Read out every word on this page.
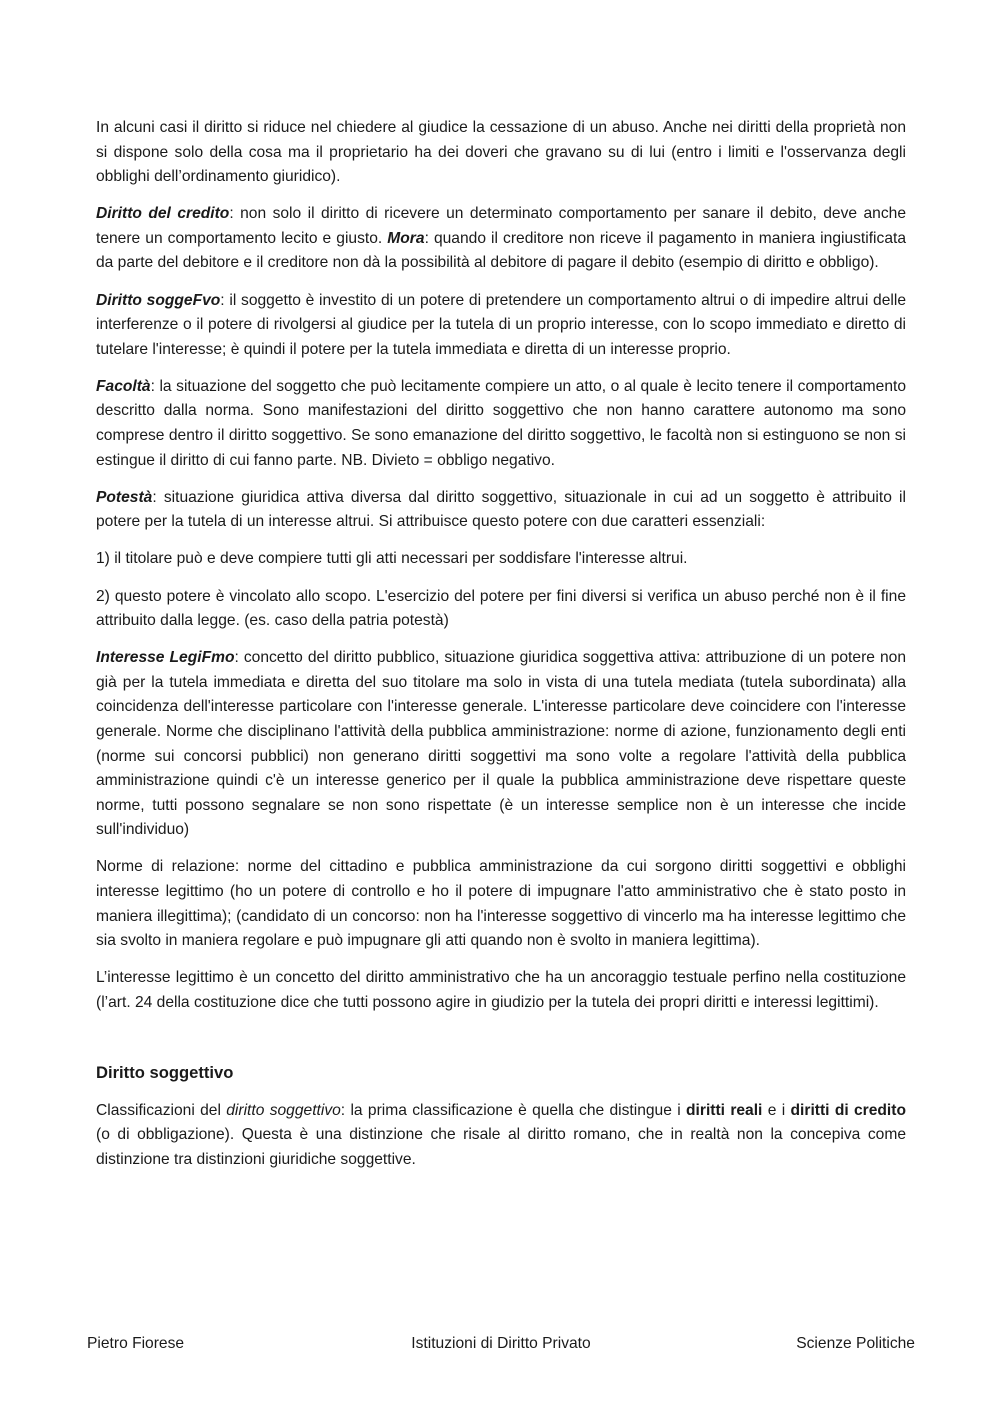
In alcuni casi il diritto si riduce nel chiedere al giudice la cessazione di un abuso. Anche nei diritti della proprietà non si dispone solo della cosa ma il proprietario ha dei doveri che gravano su di lui (entro i limiti e l'osservanza degli obblighi dell’ordinamento giuridico).

Diritto del credito: non solo il diritto di ricevere un determinato comportamento per sanare il debito, deve anche tenere un comportamento lecito e giusto. Mora: quando il creditore non riceve il pagamento in maniera ingiustificata da parte del debitore e il creditore non dà la possibilità al debitore di pagare il debito (esempio di diritto e obbligo).

Diritto soggeFvo: il soggetto è investito di un potere di pretendere un comportamento altrui o di impedire altrui delle interferenze o il potere di rivolgersi al giudice per la tutela di un proprio interesse, con lo scopo immediato e diretto di tutelare l'interesse; è quindi il potere per la tutela immediata e diretta di un interesse proprio.

Facoltà: la situazione del soggetto che può lecitamente compiere un atto, o al quale è lecito tenere il comportamento descritto dalla norma. Sono manifestazioni del diritto soggettivo che non hanno carattere autonomo ma sono comprese dentro il diritto soggettivo. Se sono emanazione del diritto soggettivo, le facoltà non si estinguono se non si estingue il diritto di cui fanno parte. NB. Divieto = obbligo negativo.

Potestà: situazione giuridica attiva diversa dal diritto soggettivo, situazionale in cui ad un soggetto è attribuito il potere per la tutela di un interesse altrui. Si attribuisce questo potere con due caratteri essenziali:

1) il titolare può e deve compiere tutti gli atti necessari per soddisfare l'interesse altrui.

2) questo potere è vincolato allo scopo. L'esercizio del potere per fini diversi si verifica un abuso perché non è il fine attribuito dalla legge. (es. caso della patria potestà)

Interesse LegiFmo: concetto del diritto pubblico, situazione giuridica soggettiva attiva: attribuzione di un potere non già per la tutela immediata e diretta del suo titolare ma solo in vista di una tutela mediata (tutela subordinata) alla coincidenza dell'interesse particolare con l'interesse generale. L'interesse particolare deve coincidere con l'interesse generale. Norme che disciplinano l'attività della pubblica amministrazione: norme di azione, funzionamento degli enti (norme sui concorsi pubblici) non generano diritti soggettivi ma sono volte a regolare l'attività della pubblica amministrazione quindi c'è un interesse generico per il quale la pubblica amministrazione deve rispettare queste norme, tutti possono segnalare se non sono rispettate (è un interesse semplice non è un interesse che incide sull'individuo)

Norme di relazione: norme del cittadino e pubblica amministrazione da cui sorgono diritti soggettivi e obblighi interesse legittimo (ho un potere di controllo e ho il potere di impugnare l'atto amministrativo che è stato posto in maniera illegittima); (candidato di un concorso: non ha l'interesse soggettivo di vincerlo ma ha interesse legittimo che sia svolto in maniera regolare e può impugnare gli atti quando non è svolto in maniera legittima).

L’interesse legittimo è un concetto del diritto amministrativo che ha un ancoraggio testuale perfino nella costituzione (l’art. 24 della costituzione dice che tutti possono agire in giudizio per la tutela dei propri diritti e interessi legittimi).

Diritto soggettivo

Classificazioni del diritto soggettivo: la prima classificazione è quella che distingue i diritti reali e i diritti di credito (o di obbligazione). Questa è una distinzione che risale al diritto romano, che in realtà non la concepiva come distinzione tra distinzioni giuridiche soggettive.

Pietro Fiorese	Istituzioni di Diritto Privato	Scienze Politiche
